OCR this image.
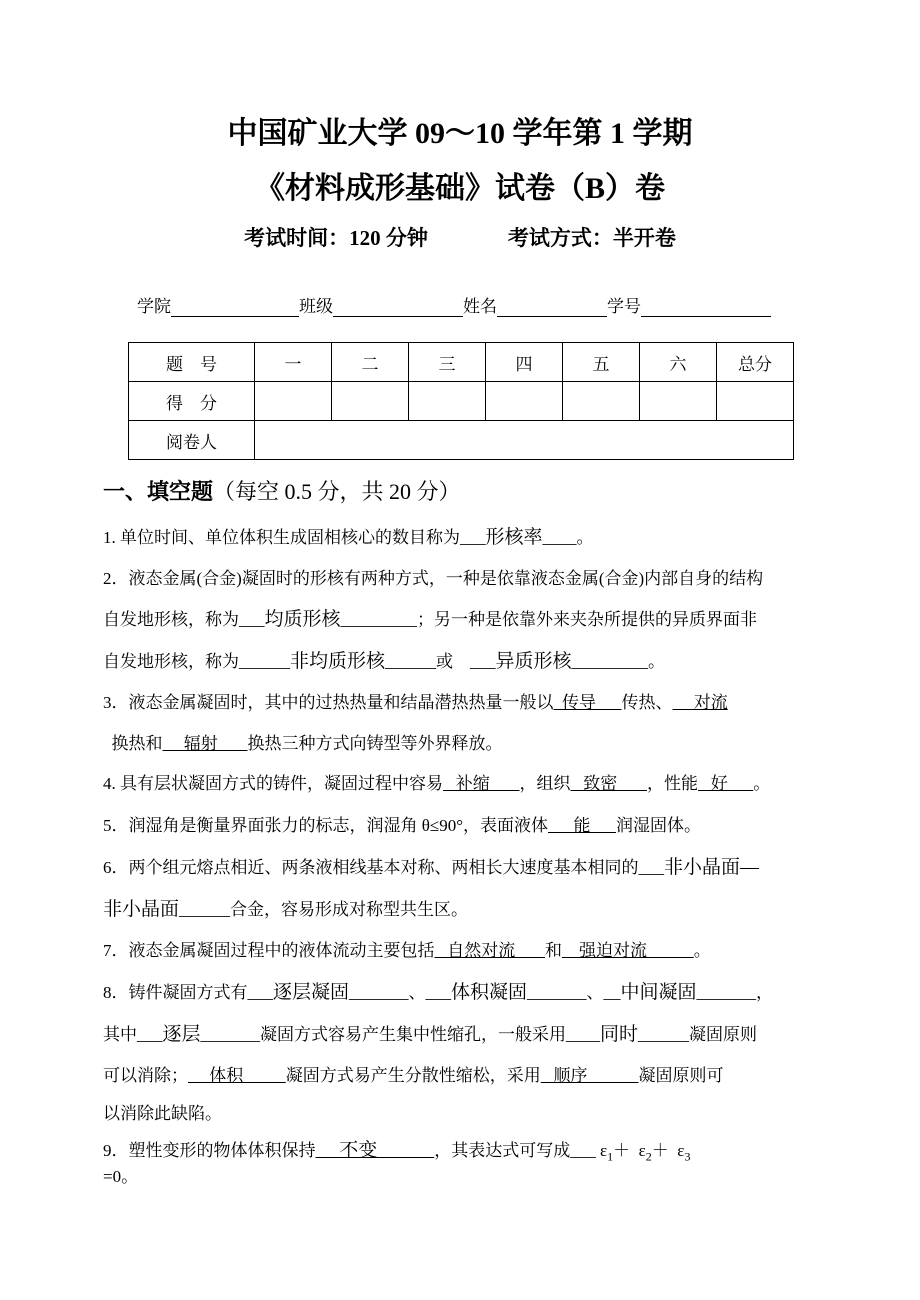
中国矿业大学 09～10 学年第 1 学期
《材料成形基础》试卷（B）卷
考试时间：120 分钟	考试方式：半开卷
学院	班级	姓名	学号
题　号	一	二	三	四	五	六	总分
得　分							
阅卷人							
一、填空题（每空 0.5 分，共 20 分）
1. 单位时间、单位体积生成固相核心的数目称为___形核率____。
2．液态金属(合金)凝固时的形核有两种方式，一种是依靠液态金属(合金)内部自身的结构
自发地形核，称为___均质形核_________；另一种是依靠外来夹杂所提供的异质界面非
自发地形核，称为______非均质形核______或　___异质形核_________。
3．液态金属凝固时，其中的过热热量和结晶潜热热量一般以  传导      传热、     对流
换热和     辐射       换热三种方式向铸型等外界释放。
4. 具有层状凝固方式的铸件，凝固过程中容易   补缩       ，组织   致密       ，性能   好      。
5．润湿角是衡量界面张力的标志，润湿角 θ≤90°，表面液体      能      润湿固体。
6．两个组元熔点相近、两条液相线基本对称、两相长大速度基本相同的___非小晶面—
非小晶面______合金，容易形成对称型共生区。
7．液态金属凝固过程中的液体流动主要包括   自然对流       和    强迫对流           。
8．铸件凝固方式有___逐层凝固_______、___体积凝固_______、__中间凝固_______，
其中___逐层_______凝固方式容易产生集中性缩孔，一般采用____同时______凝固原则
可以消除；     体积          凝固方式易产生分散性缩松，采用   顺序            凝固原则可
以消除此缺陷。
9．塑性变形的物体体积保持     不变            ，其表达式可写成___ $\varepsilon_1+ \varepsilon_2+ \varepsilon_3$
=0。
